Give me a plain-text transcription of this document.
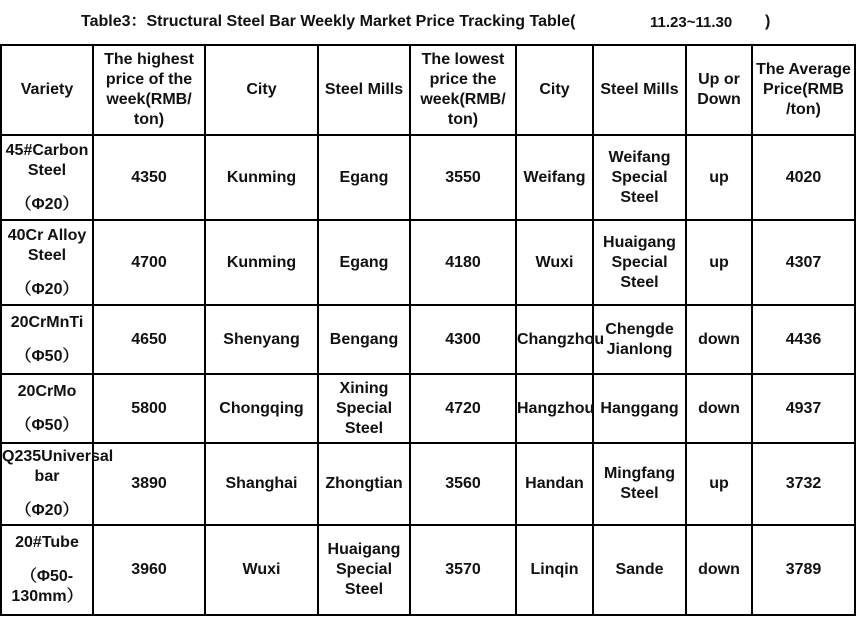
Table3：Structural Steel Bar Weekly Market Price Tracking Table(	11.23~11.30 )
Variety	The highest price of the week(RMB/ ton)	City	Steel Mills	The lowest price the week(RMB/ ton)	City	Steel Mills	Up or Down	The Average Price(RMB /ton)

45#Carbon Steel
（Φ20）	4350	Kunming	Egang	3550	Weifang	Weifang Special Steel	up	4020

40Cr Alloy Steel
（Φ20）	4700	Kunming	Egang	4180	Wuxi	Huaigang Special Steel	up	4307

20CrMnTi
（Φ50）	4650	Shenyang	Bengang	4300	Changzhou	Chengde Jianlong	down	4436

20CrMo
（Φ50）	5800	Chongqing	Xining Special Steel	4720	Hangzhou	Hanggang	down	4937

Q235Universal bar
（Φ20）	3890	Shanghai	Zhongtian	3560	Handan	Mingfang Steel	up	3732

20#Tube
（Φ50-130mm）	3960	Wuxi	Huaigang Special Steel	3570	Linqin	Sande	down	3789
